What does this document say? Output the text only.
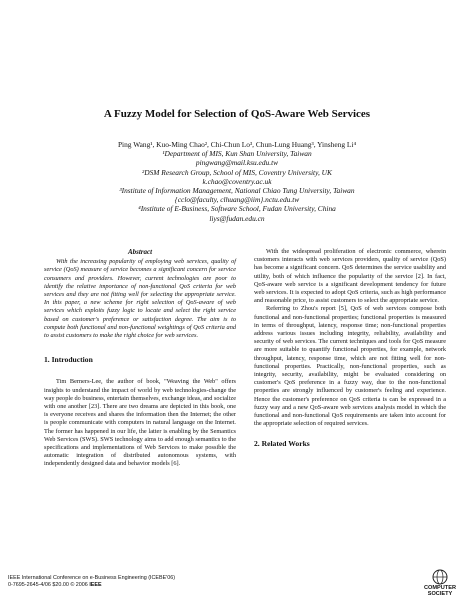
A Fuzzy Model for Selection of QoS-Aware Web Services
Ping Wang¹, Kuo-Ming Chao², Chi-Chun Lo³, Chun-Lung Huang³, Yinsheng Li⁴
¹Department of MIS, Kun Shan University, Taiwan
pingwang@mail.ksu.edu.tw
²DSM Research Group, School of MIS, Coventry University, UK
k.chao@coventry.ac.uk
³Institute of Information Management, National Chiao Tung University, Taiwan
{cclo@faculty, clhuang@iim}.nctu.edu.tw
⁴Institute of E-Business, Software School, Fudan University, China
liys@fudan.edu.cn
Abstract

With the increasing popularity of employing web services, quality of service (QoS) measure of service becomes a significant concern for service consumers and providers. However, current technologies are poor to identify the relative importance of non-functional QoS criteria for web services and they are not fitting well for selecting the appropriate service. In this paper, a new scheme for right selection of QoS-aware of web services which exploits fuzzy logic to locate and select the right service based on customer's preference or satisfaction degree. The aim is to compute both functional and non-functional weightings of QoS criteria and to assist customers to make the right choice for web services.

1. Introduction

Tim Berners-Lee, the author of book, "Weaving the Web" offers insights to understand the impact of world by web technologies-change the way people do business, entertain themselves, exchange ideas, and socialize with one another [23]. There are two dreams are depicted in this book, one is everyone receives and shares the information then the Internet; the other is people communicate with computers in natural language on the Internet. The former has happened in our life, the latter is enabling by the Semantics Web Services (SWS). SWS technology aims to add enough semantics to the specifications and implementations of Web Services to make possible the automatic integration of distributed autonomous systems, with independently designed data and behavior models [6].

With the widespread proliferation of electronic commerce, wherein customers interacts with web services providers, quality of service (QoS) has become a significant concern. QoS determines the service usability and utility, both of which influence the popularity of the service [2]. In fact, QoS-aware web service is a significant development tendency for future web services. It is expected to adopt QoS criteria, such as high performance and reasonable price, to assist customers to select the appropriate service.

Referring to Zhou's report [5], QoS of web services compose both functional and non-functional properties; functional properties is measured in terms of throughput, latency, response time; non-functional properties address various issues including integrity, reliability, availability and security of web services. The current techniques and tools for QoS measure are more suitable to quantify functional properties, for example, network throughput, latency, response time, which are not fitting well for non-functional properties. Practically, non-functional properties, such as integrity, security, availability, might be evaluated considering on customer's QoS preference in a fuzzy way, due to the non-functional properties are strongly influenced by customer's feeling and experience. Hence the customer's preference on QoS criteria is can be expressed in a fuzzy way and a new QoS-aware web services analysis model in which the functional and non-functional QoS requirements are taken into account for the appropriate selection of required services.

2. Related Works
IEEE International Conference on e-Business Engineering (ICEBE'06)
0-7695-2645-4/06 $20.00 © 2006 IEEE	COMPUTER
SOCIETY
